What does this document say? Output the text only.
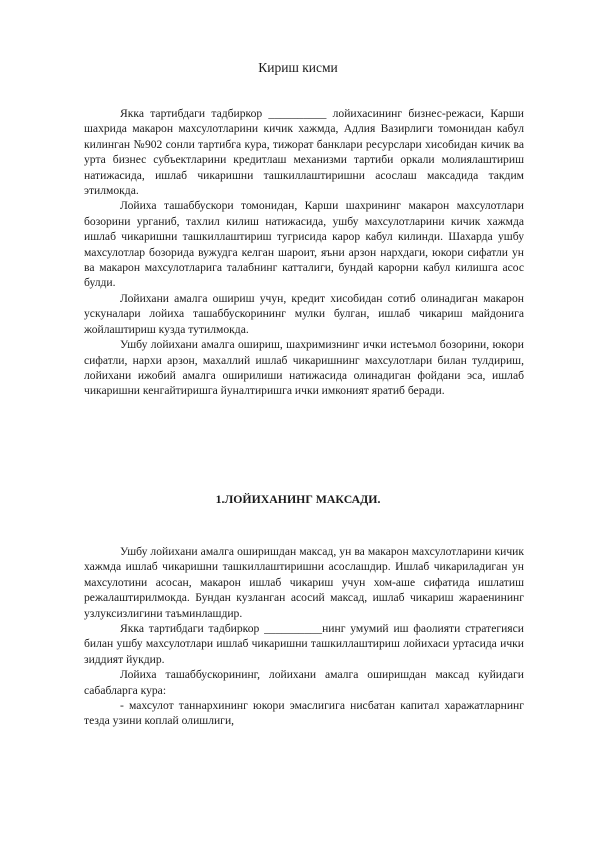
Кириш кисми

Якка тартибдаги тадбиркор __________ лойихасининг бизнес-режаси, Карши шахрида макарон махсулотларини кичик хажмда, Адлия Вазирлиги томонидан кабул килинган №902 сонли тартибга кура, тижорат банклари ресурслари хисобидан кичик ва урта бизнес субъектларини кредитлаш механизми тартиби оркали молиялаштириш натижасида, ишлаб чикаришни ташкиллаштиришни асослаш максадида такдим этилмокда.

Лойиха ташаббускори томонидан, Карши шахрининг макарон махсулотлари бозорини урганиб, тахлил килиш натижасида, ушбу махсулотларини кичик хажмда ишлаб чикаришни ташкиллаштириш тугрисида карор кабул килинди. Шахарда ушбу махсулотлар бозорида вужудга келган шароит, яъни арзон нархдаги, юкори сифатли ун ва макарон махсулотларига талабнинг катталиги, бундай карорни кабул килишга асос булди.

Лойихани амалга ошириш учун, кредит хисобидан сотиб олинадиган макарон ускуналари лойиха ташаббускорининг мулки булган, ишлаб чикариш майдонига жойлаштириш кузда тутилмокда.

Ушбу лойихани амалга ошириш, шахримизнинг ички истеъмол бозорини, юкори сифатли, нархи арзон, махаллий ишлаб чикаришнинг махсулотлари билан тулдириш, лойихани ижобий амалга оширилиши натижасида олинадиган фойдани эса, ишлаб чикаришни кенгайтиришга йуналтиришга ички имконият яратиб беради.

1.ЛОЙИХАНИНГ МАКСАДИ.

Ушбу лойихани амалга оширишдан максад, ун ва макарон махсулотларини кичик хажмда ишлаб чикаришни ташкиллаштиришни асослашдир. Ишлаб чикариладиган ун махсулотини асосан, макарон ишлаб чикариш учун хом-аше сифатида ишлатиш режалаштирилмокда. Бундан кузланган асосий максад, ишлаб чикариш жараенининг узлуксизлигини таъминлашдир.

Якка тартибдаги тадбиркор __________нинг умумий иш фаолияти стратегияси билан ушбу махсулотлари ишлаб чикаришни ташкиллаштириш лойихаси уртасида ички зиддият йукдир.

Лойиха ташаббускорининг, лойихани амалга оширишдан максад куйидаги сабабларга кура:

- махсулот таннархининг юкори эмаслигига нисбатан капитал харажатларнинг тезда узини коплай олишлиги,
